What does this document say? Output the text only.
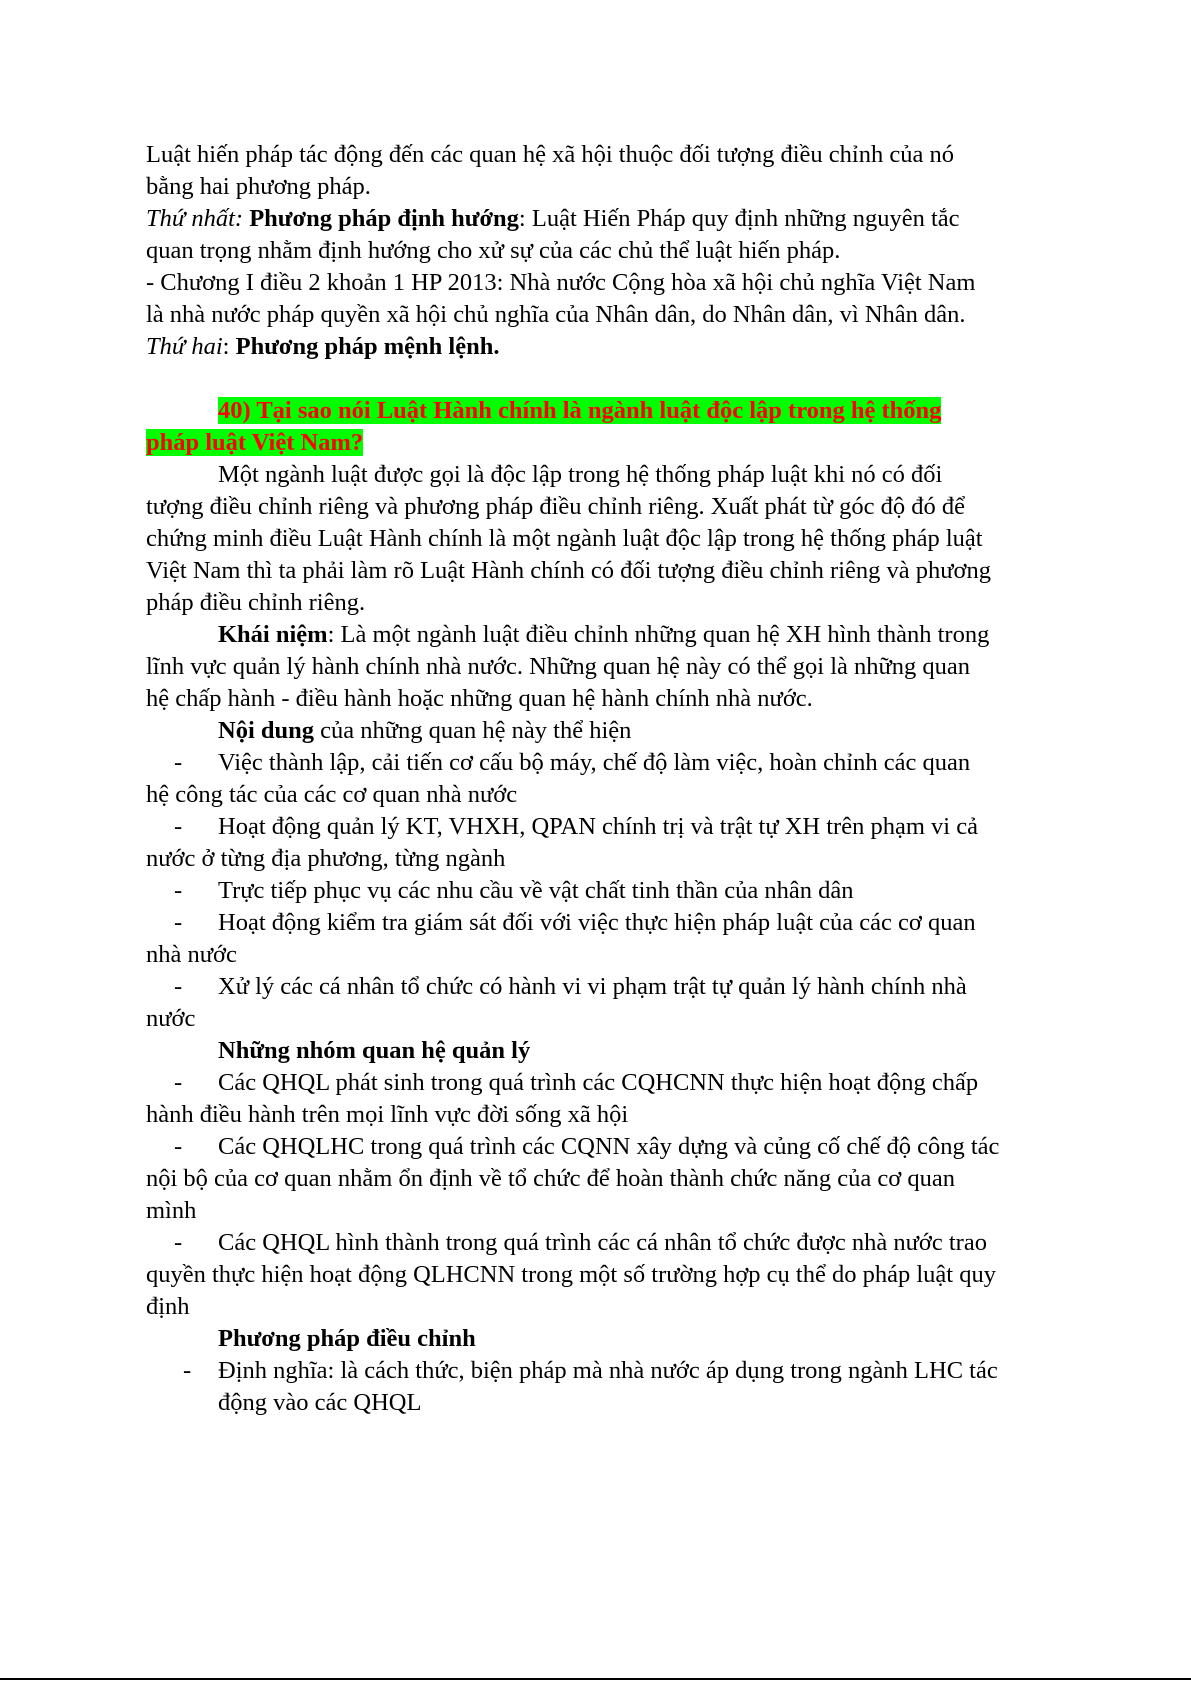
Luật hiến pháp tác động đến các quan hệ xã hội thuộc đối tượng điều chỉnh của nó
bằng hai phương pháp.
Thứ nhất: Phương pháp định hướng: Luật Hiến Pháp quy định những nguyên tắc
quan trọng nhằm định hướng cho xử sự của các chủ thể luật hiến pháp.
- Chương I điều 2 khoản 1 HP 2013: Nhà nước Cộng hòa xã hội chủ nghĩa Việt Nam
là nhà nước pháp quyền xã hội chủ nghĩa của Nhân dân, do Nhân dân, vì Nhân dân.
Thứ hai: Phương pháp mệnh lệnh.
40) Tại sao nói Luật Hành chính là ngành luật độc lập trong hệ thống
pháp luật Việt Nam?
Một ngành luật được gọi là độc lập trong hệ thống pháp luật khi nó có đối
tượng điều chỉnh riêng và phương pháp điều chỉnh riêng. Xuất phát từ góc độ đó để
chứng minh điều Luật Hành chính là một ngành luật độc lập trong hệ thống pháp luật
Việt Nam thì ta phải làm rõ Luật Hành chính có đối tượng điều chỉnh riêng và phương
pháp điều chỉnh riêng.
Khái niệm: Là một ngành luật điều chỉnh những quan hệ XH hình thành trong
lĩnh vực quản lý hành chính nhà nước. Những quan hệ này có thể gọi là những quan
hệ chấp hành - điều hành hoặc những quan hệ hành chính nhà nước.
Nội dung của những quan hệ này thể hiện
- Việc thành lập, cải tiến cơ cấu bộ máy, chế độ làm việc, hoàn chỉnh các quan
hệ công tác của các cơ quan nhà nước
- Hoạt động quản lý KT, VHXH, QPAN chính trị và trật tự XH trên phạm vi cả
nước ở từng địa phương, từng ngành
- Trực tiếp phục vụ các nhu cầu về vật chất tinh thần của nhân dân
- Hoạt động kiểm tra giám sát đối với việc thực hiện pháp luật của các cơ quan
nhà nước
- Xử lý các cá nhân tổ chức có hành vi vi phạm trật tự quản lý hành chính nhà
nước
Những nhóm quan hệ quản lý
- Các QHQL phát sinh trong quá trình các CQHCNN thực hiện hoạt động chấp
hành điều hành trên mọi lĩnh vực đời sống xã hội
- Các QHQLHC trong quá trình các CQNN xây dựng và củng cố chế độ công tác
nội bộ của cơ quan nhằm ổn định về tổ chức để hoàn thành chức năng của cơ quan
mình
- Các QHQL hình thành trong quá trình các cá nhân tổ chức được nhà nước trao
quyền thực hiện hoạt động QLHCNN trong một số trường hợp cụ thể do pháp luật quy
định
Phương pháp điều chỉnh
- Định nghĩa: là cách thức, biện pháp mà nhà nước áp dụng trong ngành LHC tác
động vào các QHQL
